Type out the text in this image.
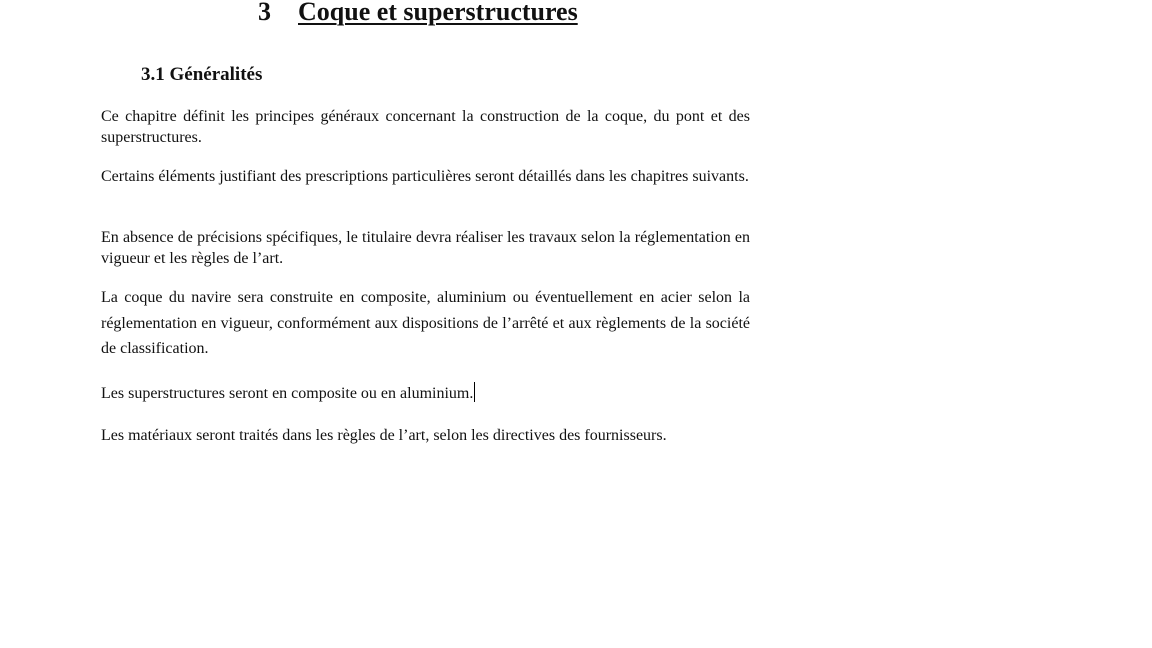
3 Coque et superstructures
3.1 Généralités

Ce chapitre définit les principes généraux concernant la construction de la coque, du pont et des superstructures.

Certains éléments justifiant des prescriptions particulières seront détaillés dans les chapitres suivants.

En absence de précisions spécifiques, le titulaire devra réaliser les travaux selon la réglementation en vigueur et les règles de l’art.

La coque du navire sera construite en composite, aluminium ou éventuellement en acier selon la réglementation en vigueur, conformément aux dispositions de l’arrêté et aux règlements de la société de classification.

Les superstructures seront en composite ou en aluminium.

Les matériaux seront traités dans les règles de l’art, selon les directives des fournisseurs.
